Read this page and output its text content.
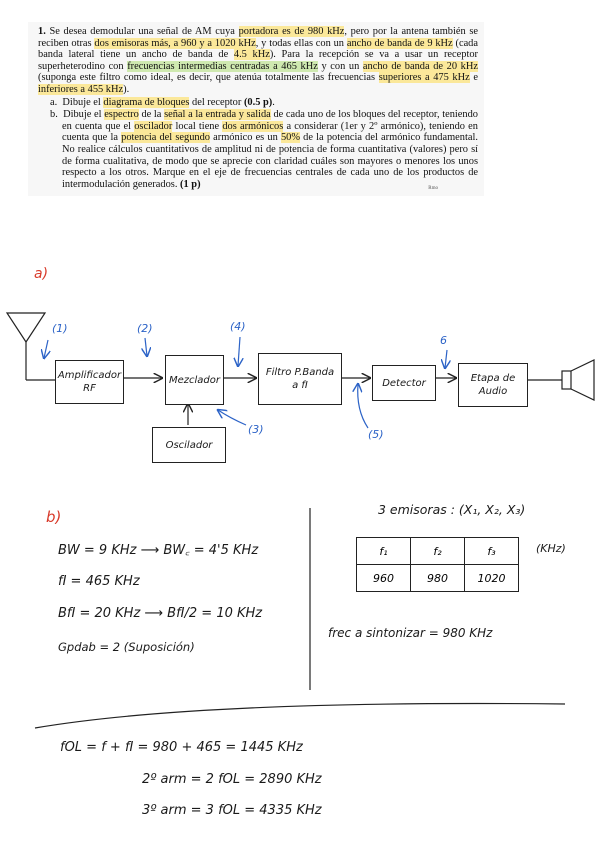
1. Se desea demodular una señal de AM cuya portadora es de 980 kHz, pero por la antena también se reciben otras dos emisoras más, a 960 y a 1020 kHz, y todas ellas con un ancho de banda de 9 kHz (cada banda lateral tiene un ancho de banda de 4.5 kHz). Para la recepción se va a usar un receptor superheterodino con frecuencias intermedias centradas a 465 kHz y con un ancho de banda de 20 kHz (suponga este filtro como ideal, es decir, que atenúa totalmente las frecuencias superiores a 475 kHz e inferiores a 455 kHz).
a. Dibuje el diagrama de bloques del receptor (0.5 p).
b. Dibuje el espectro de la señal a la entrada y salida de cada uno de los bloques del receptor, teniendo en cuenta que el oscilador local tiene dos armónicos a considerar (1er y 2º armónico), teniendo en cuenta que la potencia del segundo armónico es un 50% de la potencia del armónico fundamental. No realice cálculos cuantitativos de amplitud ni de potencia de forma cuantitativa (valores) pero sí de forma cualitativa, de modo que se aprecie con claridad cuáles son mayores o menores los unos respecto a los otros. Marque en el eje de frecuencias centrales de cada uno de los productos de intermodulación generados. (1 p)	Rmo
a)
Amplificador RF
Mezclador
Filtro P.Banda
a fI	Detector	Etapa de Audio
Oscilador
(1)	(2)	(4)
(3)	(5)
6
b)
BW = 9 KHz ⟶ BW꜀ = 4'5 KHz
fI = 465 KHz
BfI = 20 KHz ⟶ BfI/2 = 10 KHz
Gpdab = 2 (Suposición)
3 emisoras : (X₁, X₂, X₃)
f₁	f₂	f₃
960	980	1020
(KHz)
frec a sintonizar = 980 KHz
fOL = f + fI = 980 + 465 = 1445 KHz
2º arm = 2 fOL = 2890 KHz
3º arm = 3 fOL = 4335 KHz
